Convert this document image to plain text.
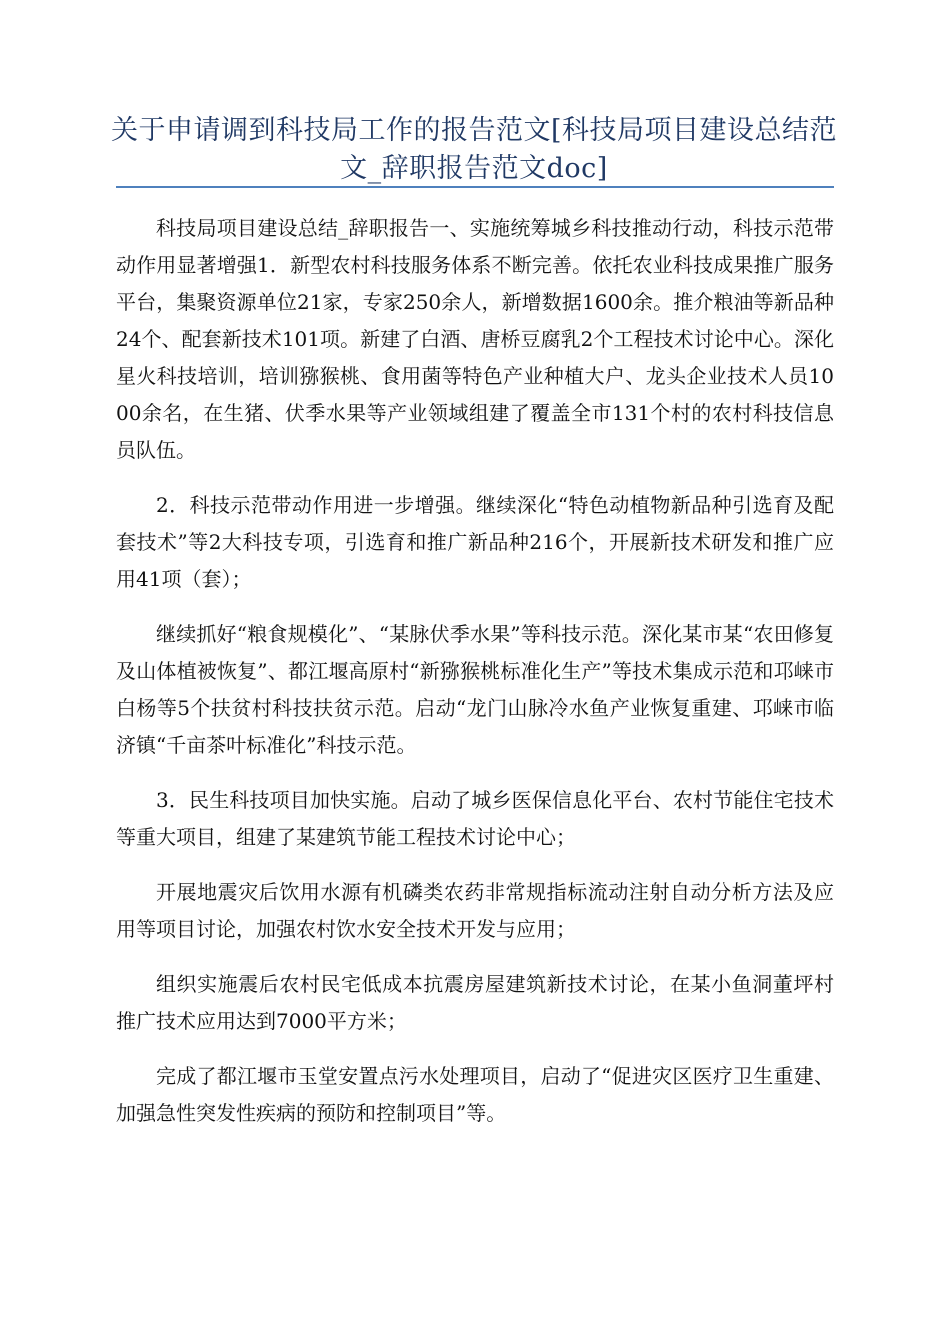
关于申请调到科技局工作的报告范文[科技局项目建设总结范文_辞职报告范文doc]

科技局项目建设总结_辞职报告一、实施统筹城乡科技推动行动，科技示范带动作用显著增强1．新型农村科技服务体系不断完善。依托农业科技成果推广服务平台，集聚资源单位21家，专家250余人，新增数据1600余。推介粮油等新品种24个、配套新技术101项。新建了白酒、唐桥豆腐乳2个工程技术讨论中心。深化星火科技培训，培训猕猴桃、食用菌等特色产业种植大户、龙头企业技术人员1000余名，在生猪、伏季水果等产业领域组建了覆盖全市131个村的农村科技信息员队伍。

2．科技示范带动作用进一步增强。继续深化“特色动植物新品种引选育及配套技术”等2大科技专项，引选育和推广新品种216个，开展新技术研发和推广应用41项（套）；

继续抓好“粮食规模化”、“某脉伏季水果”等科技示范。深化某市某“农田修复及山体植被恢复”、都江堰高原村“新猕猴桃标准化生产”等技术集成示范和邛崃市白杨等5个扶贫村科技扶贫示范。启动“龙门山脉冷水鱼产业恢复重建、邛崃市临济镇“千亩茶叶标准化”科技示范。

3．民生科技项目加快实施。启动了城乡医保信息化平台、农村节能住宅技术等重大项目，组建了某建筑节能工程技术讨论中心；

开展地震灾后饮用水源有机磷类农药非常规指标流动注射自动分析方法及应用等项目讨论，加强农村饮水安全技术开发与应用；

组织实施震后农村民宅低成本抗震房屋建筑新技术讨论，在某小鱼洞董坪村推广技术应用达到7000平方米；

完成了都江堰市玉堂安置点污水处理项目，启动了“促进灾区医疗卫生重建、加强急性突发性疾病的预防和控制项目”等。
